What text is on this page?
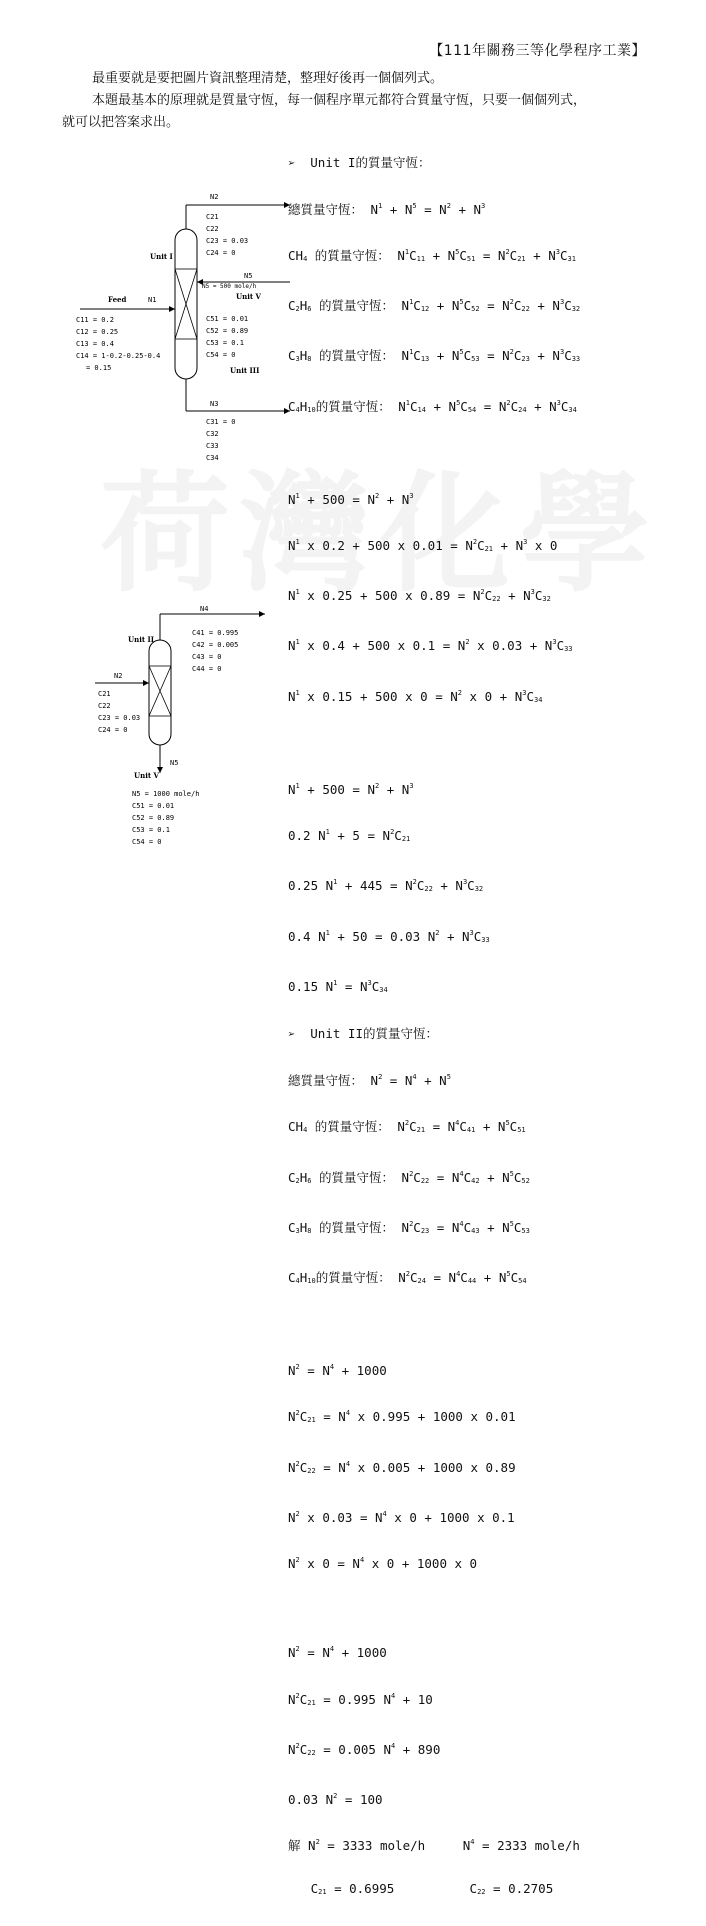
【111年關務三等化學程序工業】
最重要就是要把圖片資訊整理清楚，整理好後再一個個列式。
本題最基本的原理就是質量守恆，每一個程序單元都符合質量守恆，只要一個個列式，
就可以把答案求出。
N2
Unit I
Feed	N1	Unit V
N5
Unit III
N3
C21
C22
C23 = 0.03
C24 = 0
N5 = 500 mole/h
C51 = 0.01
C52 = 0.89
C53 = 0.1
C54 = 0
C11 = 0.2
C12 = 0.25
C13 = 0.4
C14 = 1-0.2-0.25-0.4
= 0.15
C31 = 0
C32
C33
C34
N4
Unit II
N2
N5
Unit V
C41 = 0.995
C42 = 0.005
C43 = 0
C44 = 0
C21
C22
C23 = 0.03
C24 = 0
N5 = 1000 mole/h
C51 = 0.01
C52 = 0.89
C53 = 0.1
C54 = 0

➢  Unit I的質量守恆：

總質量守恆： $N^1 + N^5 = N^2 + N^3$

$CH_4$ 的質量守恆： $N^1C_{11} + N^5C_{51} = N^2C_{21} + N^3C_{31}$

$C_2H_6$ 的質量守恆： $N^1C_{12} + N^5C_{52} = N^2C_{22} + N^3C_{32}$

$C_3H_8$ 的質量守恆： $N^1C_{13} + N^5C_{53} = N^2C_{23} + N^3C_{33}$

$C_4H_{10}$的質量守恆： $N^1C_{14} + N^5C_{54} = N^2C_{24} + N^3C_{34}$

$N^1 + 500 = N^2 + N^3$

$N^1$ x 0.2 + 500 x $0.01 = N^2C_{21} + N^3$ x 0

$N^1$ x 0.25 + 500 x $0.89 = N^2C_{22} + N^3C_{32}$

$N^1$ x 0.4 + 500 x $0.1 = N^2$ x $0.03 + N^3C_{33}$

$N^1$ x 0.15 + 500 x $0 = N^2$ x $0 + N^3C_{34}$

$N^1 + 500 = N^2 + N^3$

0.2 $N^1 + 5 = N^2C_{21}$

0.25 $N^1 + 445 = N^2C_{22} + N^3C_{32}$

0.4 $N^1 + 50 = 0.03$ $N^2 + N^3C_{33}$

0.15 $N^1 = N^3C_{34}$

➢  Unit II的質量守恆：

總質量守恆： $N^2 = N^4 + N^5$

$CH_4$ 的質量守恆： $N^2C_{21} = N^4C_{41} + N^5C_{51}$

$C_2H_6$ 的質量守恆： $N^2C_{22} = N^4C_{42} + N^5C_{52}$

$C_3H_8$ 的質量守恆： $N^2C_{23} = N^4C_{43} + N^5C_{53}$

$C_4H_{10}$的質量守恆： $N^2C_{24} = N^4C_{44} + N^5C_{54}$

$N^2 = N^4 + 1000$

$N^2C_{21} = N^4$ x 0.995 + 1000 x 0.01

$N^2C_{22} = N^4$ x 0.005 + 1000 x 0.89

$N^2$ x $0.03 = N^4$ x 0 + 1000 x 0.1

$N^2$ x $0 = N^4$ x 0 + 1000 x 0

$N^2 = N^4 + 1000$

$N^2C_{21} = 0.995$ $N^4 + 10$

$N^2C_{22} = 0.005$ $N^4 + 890$

0.03 $N^2 = 100$

解 $N^2 = 3333$ mole/h     $N^4 = 2333$ mole/h

$C_{21} = 0.6995$          $C_{22} = 0.2705$
